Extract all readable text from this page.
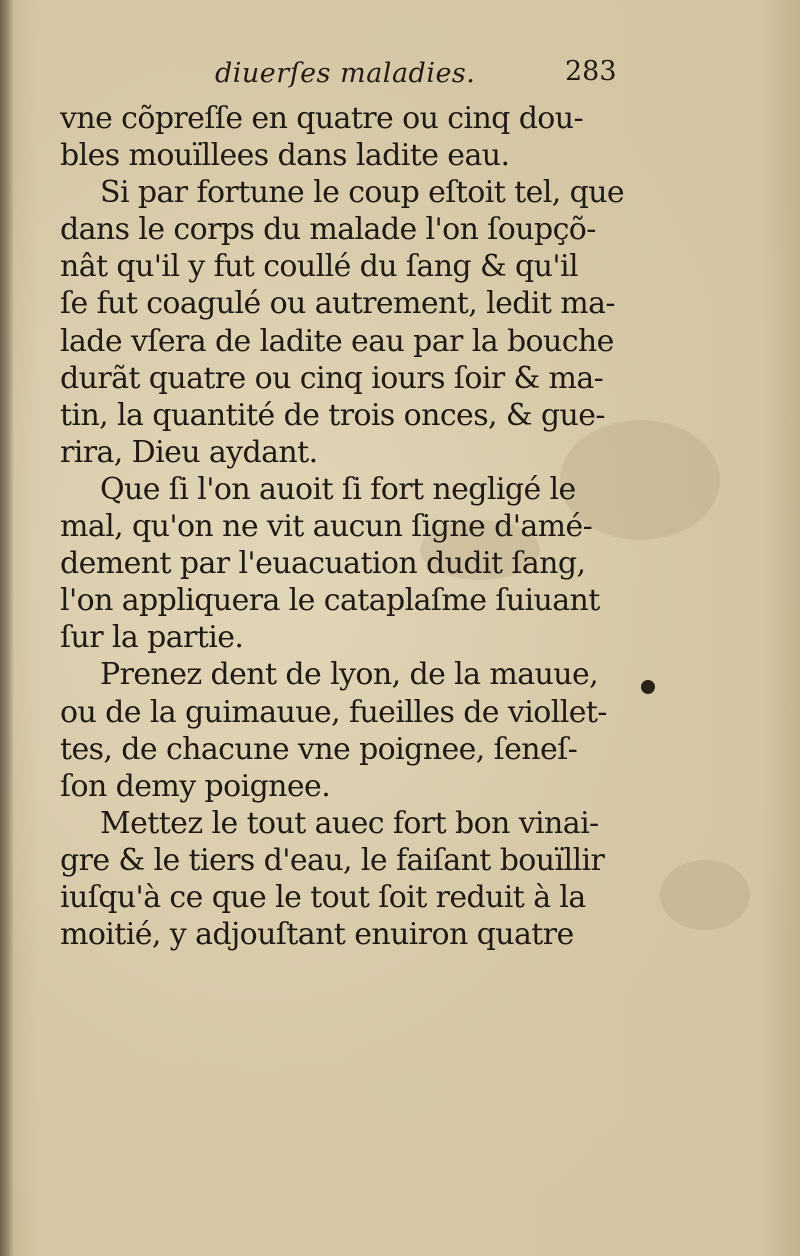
diuerſes maladies.	283
vne cõpreſſe en quatre ou cinq dou-
bles mouïllees dans ladite eau.
Si par fortune le coup eſtoit tel, que
dans le corps du malade l'on ſoupçõ-
nât qu'il y fut coullé du ſang & qu'il
ſe fut coagulé ou autrement, ledit ma-
lade vſera de ladite eau par la bouche
durãt quatre ou cinq iours ſoir & ma-
tin, la quantité de trois onces, & gue-
rira, Dieu aydant.
Que ſi l'on auoit ſi fort negligé le
mal, qu'on ne vit aucun ſigne d'amé-
dement par l'euacuation dudit ſang,
l'on appliquera le cataplaſme ſuiuant
ſur la partie.
Prenez dent de lyon, de la mauue,
ou de la guimauue, fueilles de viollet-
tes, de chacune vne poignee, ſeneſ-
ſon demy poignee.
Mettez le tout auec fort bon vinai-
gre & le tiers d'eau, le faiſant bouïllir
iuſqu'à ce que le tout ſoit reduit à la
moitié, y adjouſtant enuiron quatre
